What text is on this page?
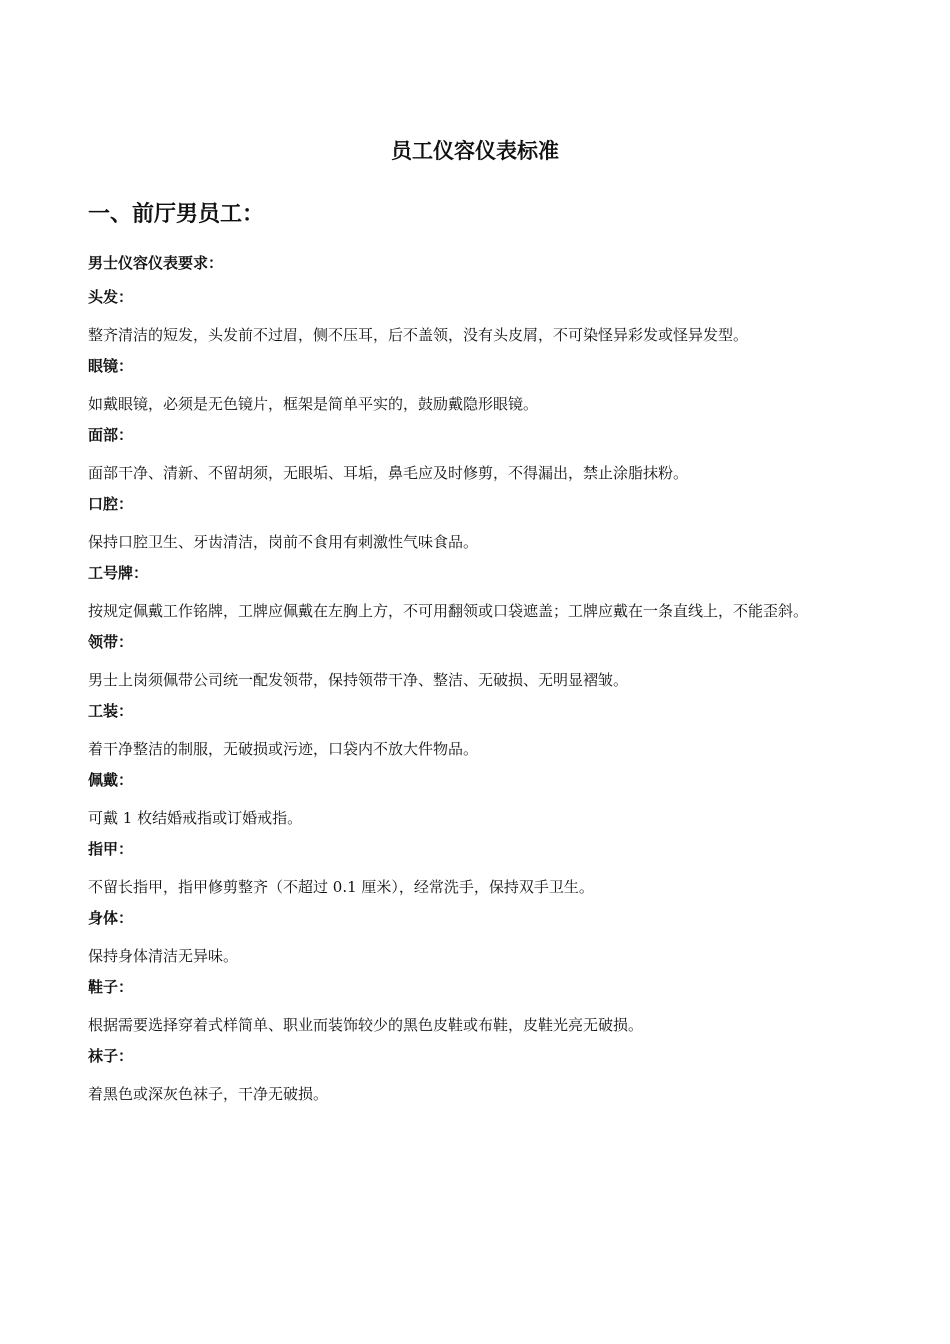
员工仪容仪表标准
一、前厅男员工：

男士仪容仪表要求：

头发：

整齐清洁的短发，头发前不过眉，侧不压耳，后不盖领，没有头皮屑，不可染怪异彩发或怪异发型。

眼镜：

如戴眼镜，必须是无色镜片，框架是简单平实的，鼓励戴隐形眼镜。

面部：

面部干净、清新、不留胡须，无眼垢、耳垢，鼻毛应及时修剪，不得漏出，禁止涂脂抹粉。

口腔：

保持口腔卫生、牙齿清洁，岗前不食用有刺激性气味食品。

工号牌：

按规定佩戴工作铭牌，工牌应佩戴在左胸上方，不可用翻领或口袋遮盖；工牌应戴在一条直线上，不能歪斜。

领带：

男士上岗须佩带公司统一配发领带，保持领带干净、整洁、无破损、无明显褶皱。

工装：

着干净整洁的制服，无破损或污迹，口袋内不放大件物品。

佩戴：

可戴 1 枚结婚戒指或订婚戒指。

指甲：

不留长指甲，指甲修剪整齐（不超过 0.1 厘米），经常洗手，保持双手卫生。

身体：

保持身体清洁无异味。

鞋子：

根据需要选择穿着式样简单、职业而装饰较少的黑色皮鞋或布鞋，皮鞋光亮无破损。

袜子：

着黑色或深灰色袜子，干净无破损。
